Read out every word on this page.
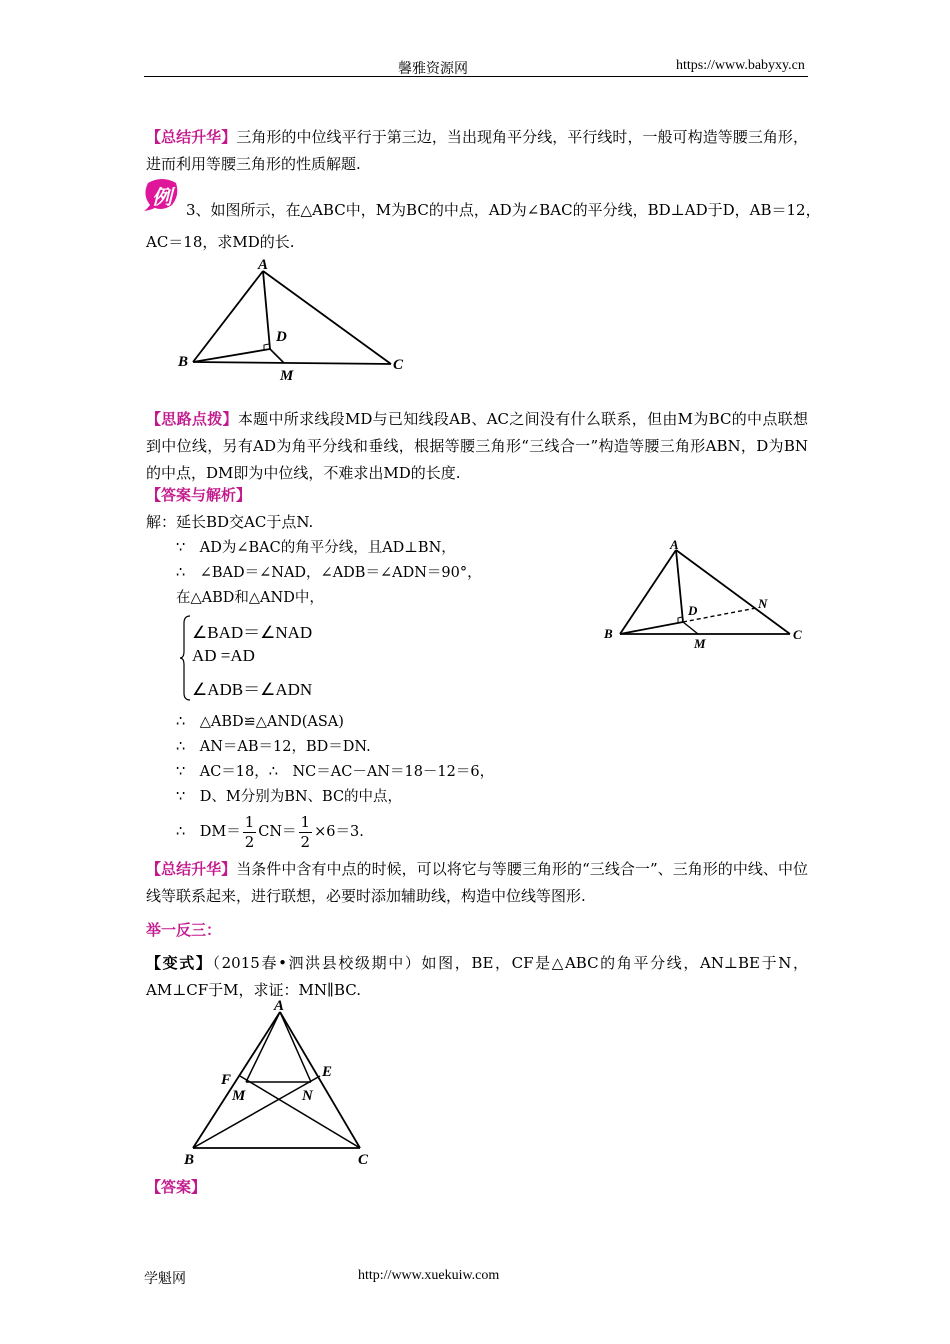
馨雅资源网	https://www.babyxy.cn
【总结升华】三角形的中位线平行于第三边，当出现角平分线，平行线时，一般可构造等腰三角形，进而利用等腰三角形的性质解题.
例
3、如图所示，在△ABC中，M为BC的中点，AD为∠BAC的平分线，BD⊥AD于D，AB＝12，
AC＝18，求MD的长.
A
B	C
D
M
【思路点拨】本题中所求线段MD与已知线段AB、AC之间没有什么联系，但由M为BC的中点联想到中位线，另有AD为角平分线和垂线，根据等腰三角形“三线合一”构造等腰三角形ABN，D为BN的中点，DM即为中位线，不难求出MD的长度.
【答案与解析】
解：延长BD交AC于点N.
∵　AD为∠BAC的角平分线，且AD⊥BN，
∴　∠BAD＝∠NAD，∠ADB＝∠ADN＝90°，
在△ABD和△AND中，
∠BAD＝∠NAD
AD =AD
∠ADB＝∠ADN
∴　△ABD≌△AND(ASA)
∴　AN＝AB＝12，BD＝DN.
∵　AC＝18，∴　NC＝AC－AN＝18－12＝6，
∵　D、M分别为BN、BC的中点，
∴　$DM= \frac{1}{2} CN= \frac{1}{2} \times 6=3$.
A
B	C
D
M
N
【总结升华】当条件中含有中点的时候，可以将它与等腰三角形的“三线合一”、三角形的中线、中位线等联系起来，进行联想，必要时添加辅助线，构造中位线等图形.
举一反三：
【变式】（2015春•泗洪县校级期中）如图，BE，CF是△ABC的角平分线，AN⊥BE于N，AM⊥CF于M，求证：MN∥BC.
A
B	C
E
F
M	N
【答案】
学魁网	http://www.xuekuiw.com
